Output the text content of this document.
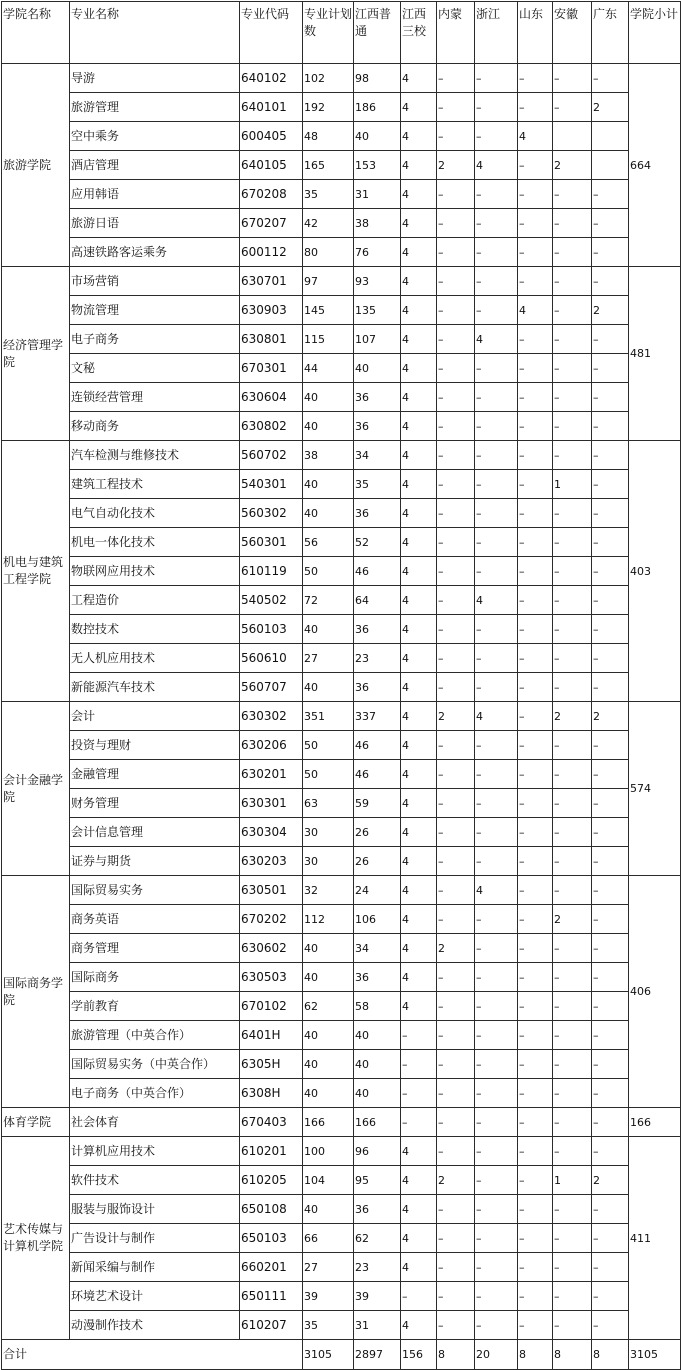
学院名称	专业名称	专业代码	专业计划数	江西普通	江西三校	内蒙	浙江	山东	安徽	广东	学院小计
旅游学院	导游	640102	102	98	4	–	–	–	–	–	664
	旅游管理	640101	192	186	4	–	–	–	–	2	
	空中乘务	600405	48	40	4	–	–	4			
	酒店管理	640105	165	153	4	2	4	–	2		
	应用韩语	670208	35	31	4	–	–	–	–	–	
	旅游日语	670207	42	38	4	–	–	–	–	–	
	高速铁路客运乘务	600112	80	76	4	–	–	–	–	–	
经济管理学院	市场营销	630701	97	93	4	–	–	–	–	–	481
	物流管理	630903	145	135	4	–	–	4	–	2	
	电子商务	630801	115	107	4	–	4	–	–	–	
	文秘	670301	44	40	4	–	–	–	–	–	
	连锁经营管理	630604	40	36	4	–	–	–	–	–	
	移动商务	630802	40	36	4	–	–	–	–	–	
机电与建筑工程学院	汽车检测与维修技术	560702	38	34	4	–	–	–	–	–	403
	建筑工程技术	540301	40	35	4	–	–	–	1	–	
	电气自动化技术	560302	40	36	4	–	–	–	–	–	
	机电一体化技术	560301	56	52	4	–	–	–	–	–	
	物联网应用技术	610119	50	46	4	–	–	–	–	–	
	工程造价	540502	72	64	4	–	4	–	–	–	
	数控技术	560103	40	36	4	–	–	–	–	–	
	无人机应用技术	560610	27	23	4	–	–	–	–	–	
	新能源汽车技术	560707	40	36	4	–	–	–	–	–	
会计金融学院	会计	630302	351	337	4	2	4	–	2	2	574
	投资与理财	630206	50	46	4	–	–	–	–	–	
	金融管理	630201	50	46	4	–	–	–	–	–	
	财务管理	630301	63	59	4	–	–	–	–	–	
	会计信息管理	630304	30	26	4	–	–	–	–	–	
	证券与期货	630203	30	26	4	–	–	–	–	–	
国际商务学院	国际贸易实务	630501	32	24	4	–	4	–	–	–	406
	商务英语	670202	112	106	4	–	–	–	2	–	
	商务管理	630602	40	34	4	2	–	–	–	–	
	国际商务	630503	40	36	4	–	–	–	–	–	
	学前教育	670102	62	58	4	–	–	–	–	–	
	旅游管理（中英合作）	6401H	40	40	–	–	–	–	–	–	
	国际贸易实务（中英合作）	6305H	40	40	–	–	–	–	–	–	
	电子商务（中英合作）	6308H	40	40	–	–	–	–	–	–	
体育学院	社会体育	670403	166	166	–	–	–	–	–	–	166
艺术传媒与计算机学院	计算机应用技术	610201	100	96	4	–	–	–	–	–	411
	软件技术	610205	104	95	4	2	–	–	1	2	
	服装与服饰设计	650108	40	36	4	–	–	–	–	–	
	广告设计与制作	650103	66	62	4	–	–	–	–	–	
	新闻采编与制作	660201	27	23	4	–	–	–	–	–	
	环境艺术设计	650111	39	39	–	–	–	–	–	–	
	动漫制作技术	610207	35	31	4	–	–	–	–	–	
合计			3105	2897	156	8	20	8	8	8	3105
